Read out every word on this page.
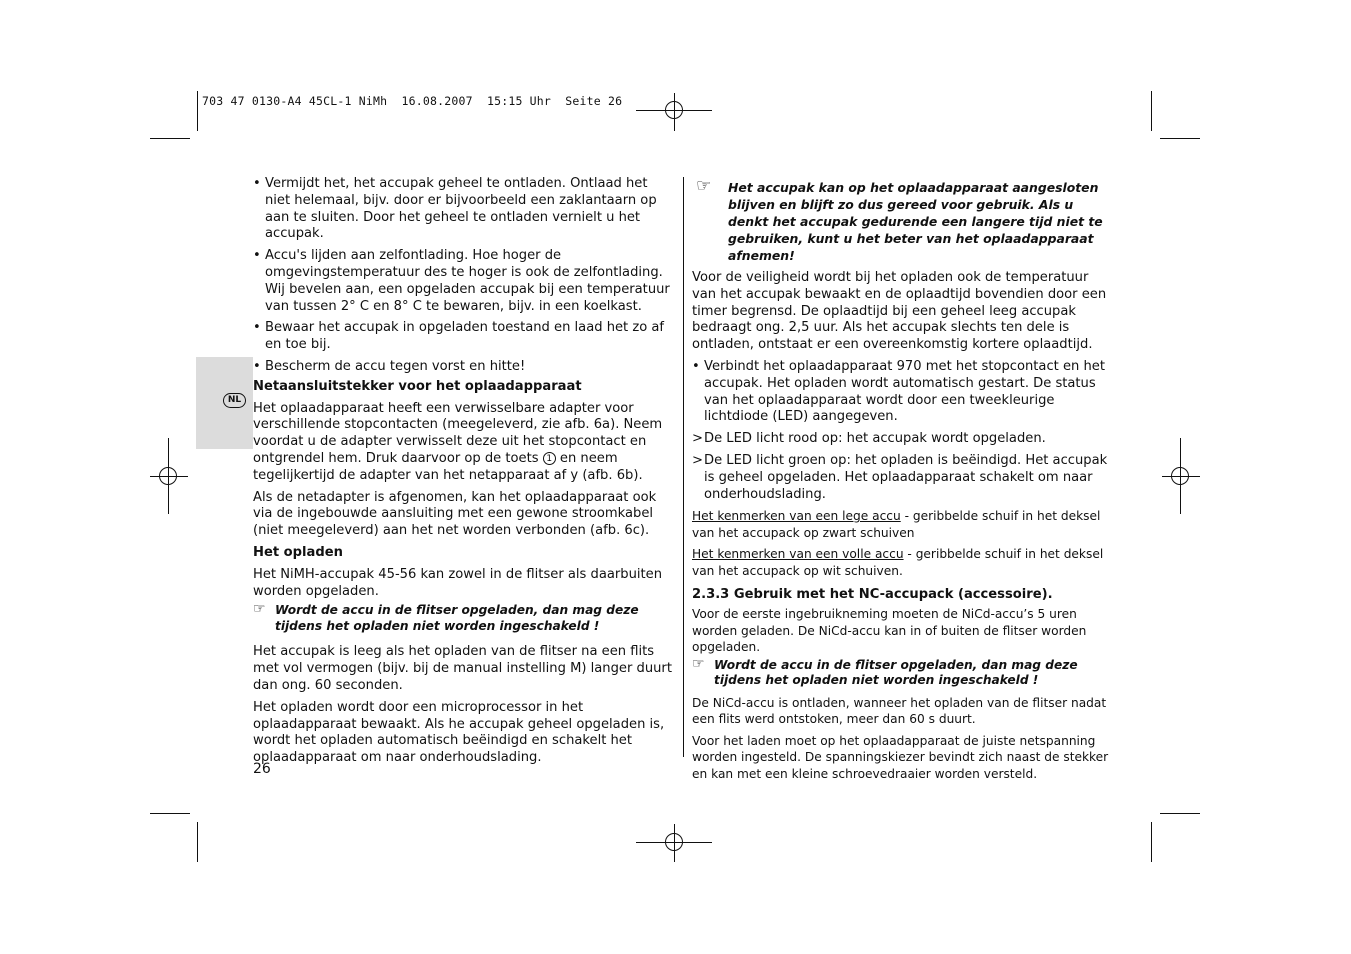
703 47 0130-A4 45CL-1 NiMh  16.08.2007  15:15 Uhr  Seite 26
NL
• Vermijdt het, het accupak geheel te ontladen. Ontlaad het niet helemaal, bijv. door er bijvoorbeeld een zaklantaarn op aan te sluiten. Door het geheel te ontladen vernielt u het accupak.
• Accu's lijden aan zelfontlading. Hoe hoger de omgevingstemperatuur des te hoger is ook de zelfontlading. Wij bevelen aan, een opgeladen accupak bij een temperatuur van tussen 2° C en 8° C te bewaren, bijv. in een koelkast.
• Bewaar het accupak in opgeladen toestand en laad het zo af en toe bij.
• Bescherm de accu tegen vorst en hitte!

Netaansluitstekker voor het oplaadapparaat

Het oplaadapparaat heeft een verwisselbare adapter voor verschillende stopcontacten (meegeleverd, zie afb. 6a). Neem voordat u de adapter verwisselt deze uit het stopcontact en ontgrendel hem. Druk daarvoor op de toets 1 en neem tegelijkertijd de adapter van het netapparaat af y (afb. 6b).

Als de netadapter is afgenomen, kan het oplaadapparaat ook via de ingebouwde aansluiting met een gewone stroomkabel (niet meegeleverd) aan het net worden verbonden (afb. 6c).

Het opladen

Het NiMH-accupak 45-56 kan zowel in de flitser als daarbuiten worden opgeladen.

☞ Wordt de accu in de flitser opgeladen, dan mag deze tijdens het opladen niet worden ingeschakeld !

Het accupak is leeg als het opladen van de flitser na een flits met vol vermogen (bijv. bij de manual instelling M) langer duurt dan ong. 60 seconden.

Het opladen wordt door een microprocessor in het oplaadapparaat bewaakt. Als he accupak geheel opgeladen is, wordt het opladen automatisch beëindigd en schakelt het oplaadapparaat om naar onderhoudslading.

☞ Het accupak kan op het oplaadapparaat aangesloten blijven en blijft zo dus gereed voor gebruik. Als u denkt het accupak gedurende een langere tijd niet te gebruiken, kunt u het beter van het oplaadapparaat afnemen!

Voor de veiligheid wordt bij het opladen ook de temperatuur van het accupak bewaakt en de oplaadtijd bovendien door een timer begrensd. De oplaadtijd bij een geheel leeg accupak bedraagt ong. 2,5 uur. Als het accupak slechts ten dele is ontladen, ontstaat er een overeenkomstig kortere oplaadtijd.

• Verbindt het oplaadapparaat 970 met het stopcontact en het accupak. Het opladen wordt automatisch gestart. De status van het oplaadapparaat wordt door een tweekleurige lichtdiode (LED) aangegeven.
> De LED licht rood op: het accupak wordt opgeladen.
> De LED licht groen op: het opladen is beëindigd. Het accupak is geheel opgeladen. Het oplaadapparaat schakelt om naar onderhoudslading.

Het kenmerken van een lege accu - geribbelde schuif in het deksel van het accupack op zwart schuiven

Het kenmerken van een volle accu - geribbelde schuif in het deksel van het accupack op wit schuiven.

2.3.3 Gebruik met het NC-accupack (accessoire).

Voor de eerste ingebruikneming moeten de NiCd-accu’s 5 uren worden geladen. De NiCd-accu kan in of buiten de flitser worden opgeladen.

☞ Wordt de accu in de flitser opgeladen, dan mag deze tijdens het opladen niet worden ingeschakeld !

De NiCd-accu is ontladen, wanneer het opladen van de flitser nadat een flits werd ontstoken, meer dan 60 s duurt.

Voor het laden moet op het oplaadapparaat de juiste netspanning worden ingesteld. De spanningskiezer bevindt zich naast de stekker en kan met een kleine schroevedraaier worden versteld.

26
